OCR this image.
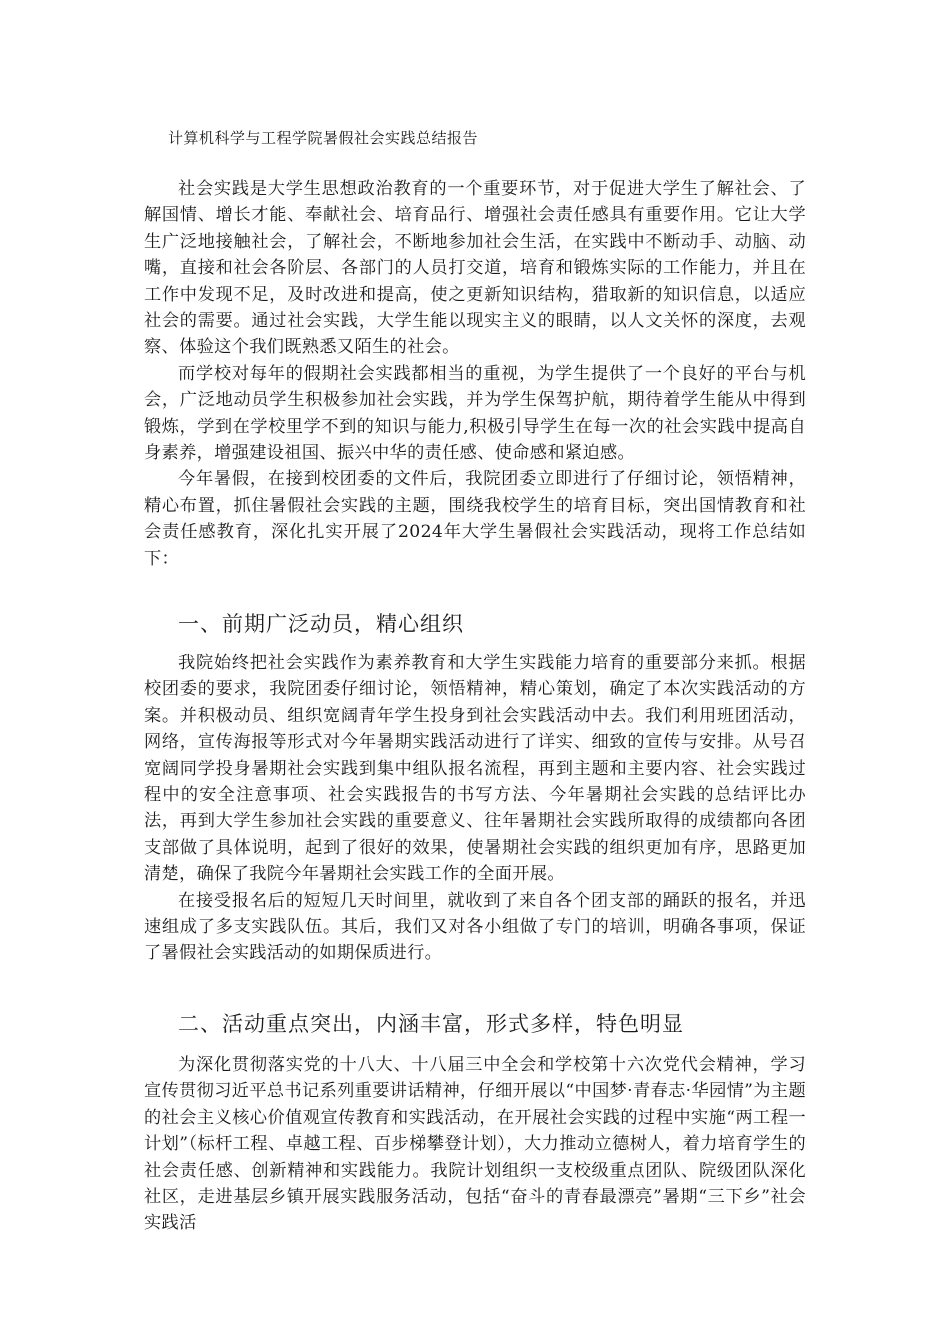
计算机科学与工程学院暑假社会实践总结报告

社会实践是大学生思想政治教育的一个重要环节，对于促进大学生了解社会、了解国情、增长才能、奉献社会、培育品行、增强社会责任感具有重要作用。它让大学生广泛地接触社会，了解社会，不断地参加社会生活，在实践中不断动手、动脑、动嘴，直接和社会各阶层、各部门的人员打交道，培育和锻炼实际的工作能力，并且在工作中发现不足，及时改进和提高，使之更新知识结构，猎取新的知识信息，以适应社会的需要。通过社会实践，大学生能以现实主义的眼睛，以人文关怀的深度，去观察、体验这个我们既熟悉又陌生的社会。

而学校对每年的假期社会实践都相当的重视，为学生提供了一个良好的平台与机会，广泛地动员学生积极参加社会实践，并为学生保驾护航，期待着学生能从中得到锻炼，学到在学校里学不到的知识与能力,积极引导学生在每一次的社会实践中提高自身素养，增强建设祖国、振兴中华的责任感、使命感和紧迫感。

今年暑假，在接到校团委的文件后，我院团委立即进行了仔细讨论，领悟精神，精心布置，抓住暑假社会实践的主题，围绕我校学生的培育目标，突出国情教育和社会责任感教育，深化扎实开展了2024年大学生暑假社会实践活动，现将工作总结如下：

一、前期广泛动员，精心组织

我院始终把社会实践作为素养教育和大学生实践能力培育的重要部分来抓。根据校团委的要求，我院团委仔细讨论，领悟精神，精心策划，确定了本次实践活动的方案。并积极动员、组织宽阔青年学生投身到社会实践活动中去。我们利用班团活动，网络，宣传海报等形式对今年暑期实践活动进行了详实、细致的宣传与安排。从号召宽阔同学投身暑期社会实践到集中组队报名流程，再到主题和主要内容、社会实践过程中的安全注意事项、社会实践报告的书写方法、今年暑期社会实践的总结评比办法，再到大学生参加社会实践的重要意义、往年暑期社会实践所取得的成绩都向各团支部做了具体说明，起到了很好的效果，使暑期社会实践的组织更加有序，思路更加清楚，确保了我院今年暑期社会实践工作的全面开展。

在接受报名后的短短几天时间里，就收到了来自各个团支部的踊跃的报名，并迅速组成了多支实践队伍。其后，我们又对各小组做了专门的培训，明确各事项，保证了暑假社会实践活动的如期保质进行。

二、活动重点突出，内涵丰富，形式多样，特色明显

为深化贯彻落实党的十八大、十八届三中全会和学校第十六次党代会精神，学习宣传贯彻习近平总书记系列重要讲话精神，仔细开展以“中国梦·青春志·华园情”为主题的社会主义核心价值观宣传教育和实践活动，在开展社会实践的过程中实施“两工程一计划”（标杆工程、卓越工程、百步梯攀登计划），大力推动立德树人，着力培育学生的社会责任感、创新精神和实践能力。我院计划组织一支校级重点团队、院级团队深化社区，走进基层乡镇开展实践服务活动，包括“奋斗的青春最漂亮”暑期“三下乡”社会实践活
